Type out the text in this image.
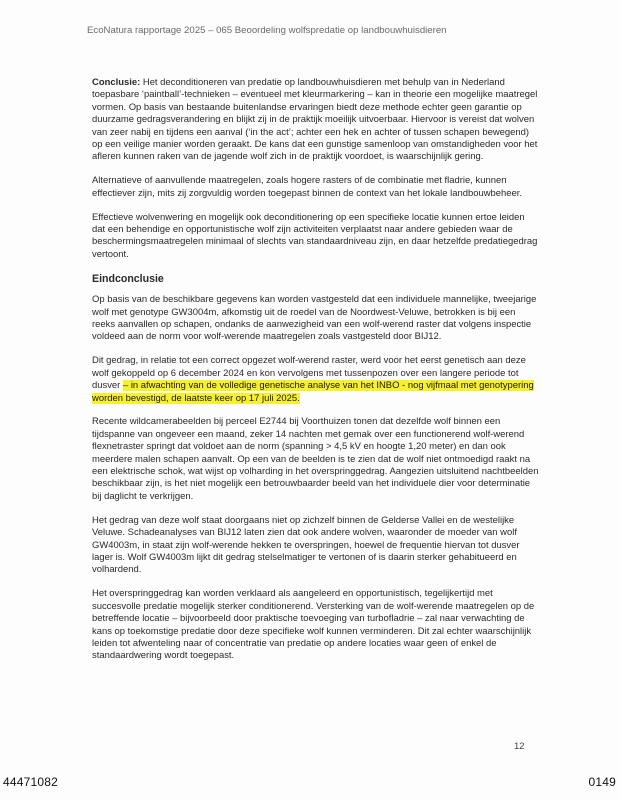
EcoNatura rapportage 2025 – 065 Beoordeling wolfspredatie op landbouwhuisdieren

Conclusie: Het deconditioneren van predatie op landbouwhuisdieren met behulp van in Nederland toepasbare ‘paintball’-technieken – eventueel met kleurmarkering – kan in theorie een mogelijke maatregel vormen. Op basis van bestaande buitenlandse ervaringen biedt deze methode echter geen garantie op duurzame gedragsverandering en blijkt zij in de praktijk moeilijk uitvoerbaar. Hiervoor is vereist dat wolven van zeer nabij en tijdens een aanval (‘in the act’; achter een hek en achter of tussen schapen bewegend) op een veilige manier worden geraakt. De kans dat een gunstige samenloop van omstandigheden voor het afleren kunnen raken van de jagende wolf zich in de praktijk voordoet, is waarschijnlijk gering.

Alternatieve of aanvullende maatregelen, zoals hogere rasters of de combinatie met fladrie, kunnen effectiever zijn, mits zij zorgvuldig worden toegepast binnen de context van het lokale landbouwbeheer.

Effectieve wolvenwering en mogelijk ook deconditionering op een specifieke locatie kunnen ertoe leiden dat een behendige en opportunistische wolf zijn activiteiten verplaatst naar andere gebieden waar de beschermingsmaatregelen minimaal of slechts van standaardniveau zijn, en daar hetzelfde predatiegedrag vertoont.

Eindconclusie

Op basis van de beschikbare gegevens kan worden vastgesteld dat een individuele mannelijke, tweejarige wolf met genotype GW3004m, afkomstig uit de roedel van de Noordwest-Veluwe, betrokken is bij een reeks aanvallen op schapen, ondanks de aanwezigheid van een wolf-werend raster dat volgens inspectie voldeed aan de norm voor wolf-werende maatregelen zoals vastgesteld door BIJ12.

Dit gedrag, in relatie tot een correct opgezet wolf-werend raster, werd voor het eerst genetisch aan deze wolf gekoppeld op 6 december 2024 en kon vervolgens met tussenpozen over een langere periode tot dusver – in afwachting van de volledige genetische analyse van het INBO - nog vijfmaal met genotypering worden bevestigd, de laatste keer op 17 juli 2025.

Recente wildcamerabeelden bij perceel E2744 bij Voorthuizen tonen dat dezelfde wolf binnen een tijdspanne van ongeveer een maand, zeker 14 nachten met gemak over een functionerend wolf-werend flexnetraster springt dat voldoet aan de norm (spanning > 4,5 kV en hoogte 1,20 meter) en dan ook meerdere malen schapen aanvalt. Op een van de beelden is te zien dat de wolf niet ontmoedigd raakt na een elektrische schok, wat wijst op volharding in het overspringgedrag. Aangezien uitsluitend nachtbeelden beschikbaar zijn, is het niet mogelijk een betrouwbaarder beeld van het individuele dier voor determinatie bij daglicht te verkrijgen.

Het gedrag van deze wolf staat doorgaans niet op zichzelf binnen de Gelderse Vallei en de westelijke Veluwe. Schadeanalyses van BIJ12 laten zien dat ook andere wolven, waaronder de moeder van wolf GW4003m, in staat zijn wolf-werende hekken te overspringen, hoewel de frequentie hiervan tot dusver lager is. Wolf GW4003m lijkt dit gedrag stelselmatiger te vertonen of is daarin sterker gehabitueerd en volhardend.

Het overspringgedrag kan worden verklaard als aangeleerd en opportunistisch, tegelijkertijd met succesvolle predatie mogelijk sterker conditionerend. Versterking van de wolf-werende maatregelen op de betreffende locatie – bijvoorbeeld door praktische toevoeging van turbofladrie – zal naar verwachting de kans op toekomstige predatie door deze specifieke wolf kunnen verminderen. Dit zal echter waarschijnlijk leiden tot afwenteling naar of concentratie van predatie op andere locaties waar geen of enkel de standaardwering wordt toegepast.

12
44471082	0149
